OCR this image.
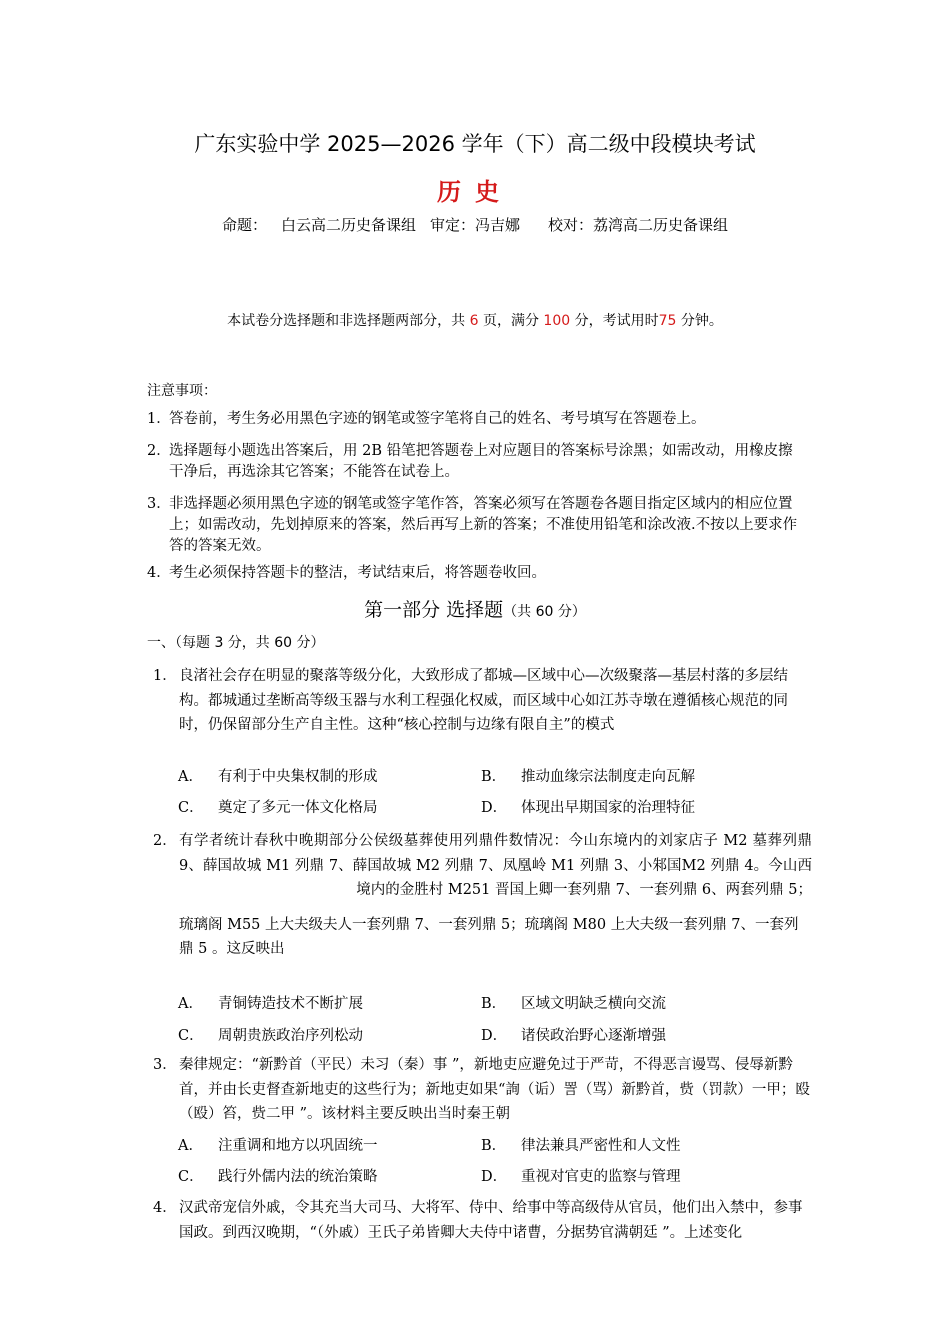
广东实验中学 2025—2026 学年（下）高二级中段模块考试
历史
命题： 白云高二历史备课组 审定：冯吉娜 校对：荔湾高二历史备课组
本试卷分选择题和非选择题两部分，共 6 页，满分 100 分，考试用时75 分钟。
注意事项：
1．
答卷前，考生务必用黑色字迹的钢笔或签字笔将自己的姓名、考号填写在答题卷上。
2．
选择题每小题选出答案后，用 2B 铅笔把答题卷上对应题目的答案标号涂黑；如需改动，用橡皮擦干净后，再选涂其它答案；不能答在试卷上。
3．
非选择题必须用黑色字迹的钢笔或签字笔作答，答案必须写在答题卷各题目指定区域内的相应位置上；如需改动，先划掉原来的答案，然后再写上新的答案；不准使用铅笔和涂改液.不按以上要求作答的答案无效。
4．
考生必须保持答题卡的整洁，考试结束后，将答题卷收回。
第一部分 选择题（共 60 分）
一、（每题 3 分，共 60 分）
1． 良渚社会存在明显的聚落等级分化，大致形成了都城—区域中心—次级聚落—基层村落的多层结构。都城通过垄断高等级玉器与水利工程强化权威，而区域中心如江苏寺墩在遵循核心规范的同时，仍保留部分生产自主性。这种“核心控制与边缘有限自主”的模式
A． 有利于中央集权制的形成	B． 推动血缘宗法制度走向瓦解
C． 奠定了多元一体文化格局	D． 体现出早期国家的治理特征
2． 有学者统计春秋中晚期部分公侯级墓葬使用列鼎件数情况：今山东境内的刘家店子 M2 墓葬列鼎 9、薛国故城 M1 列鼎 7、薛国故城 M2 列鼎 7、凤凰岭 M1 列鼎 3、小邾国M2 列鼎 4。今山西境内的金胜村 M251 晋国上卿一套列鼎 7、一套列鼎 6、两套列鼎 5；
琉璃阁 M55 上大夫级夫人一套列鼎 7、一套列鼎 5；琉璃阁 M80 上大夫级一套列鼎 7、一套列鼎 5 。这反映出
A． 青铜铸造技术不断扩展	B． 区域文明缺乏横向交流
C． 周朝贵族政治序列松动	D． 诸侯政治野心逐渐增强
3． 秦律规定：“新黔首（平民）未习（秦）事 ”，新地吏应避免过于严苛，不得恶言谩骂、侵辱新黔首，并由长吏督查新地吏的这些行为；新地吏如果“詢（诟）詈（骂）新黔首，赀（罚款）一甲；殴（殴）笞，赀二甲 ”。该材料主要反映出当时秦王朝
A． 注重调和地方以巩固统一	B． 律法兼具严密性和人文性
C． 践行外儒内法的统治策略	D． 重视对官吏的监察与管理
4． 汉武帝宠信外戚，令其充当大司马、大将军、侍中、给事中等高级侍从官员，他们出入禁中，参事国政。到西汉晚期，“（外戚）王氏子弟皆卿大夫侍中诸曹，分据势官满朝廷 ”。上述变化
